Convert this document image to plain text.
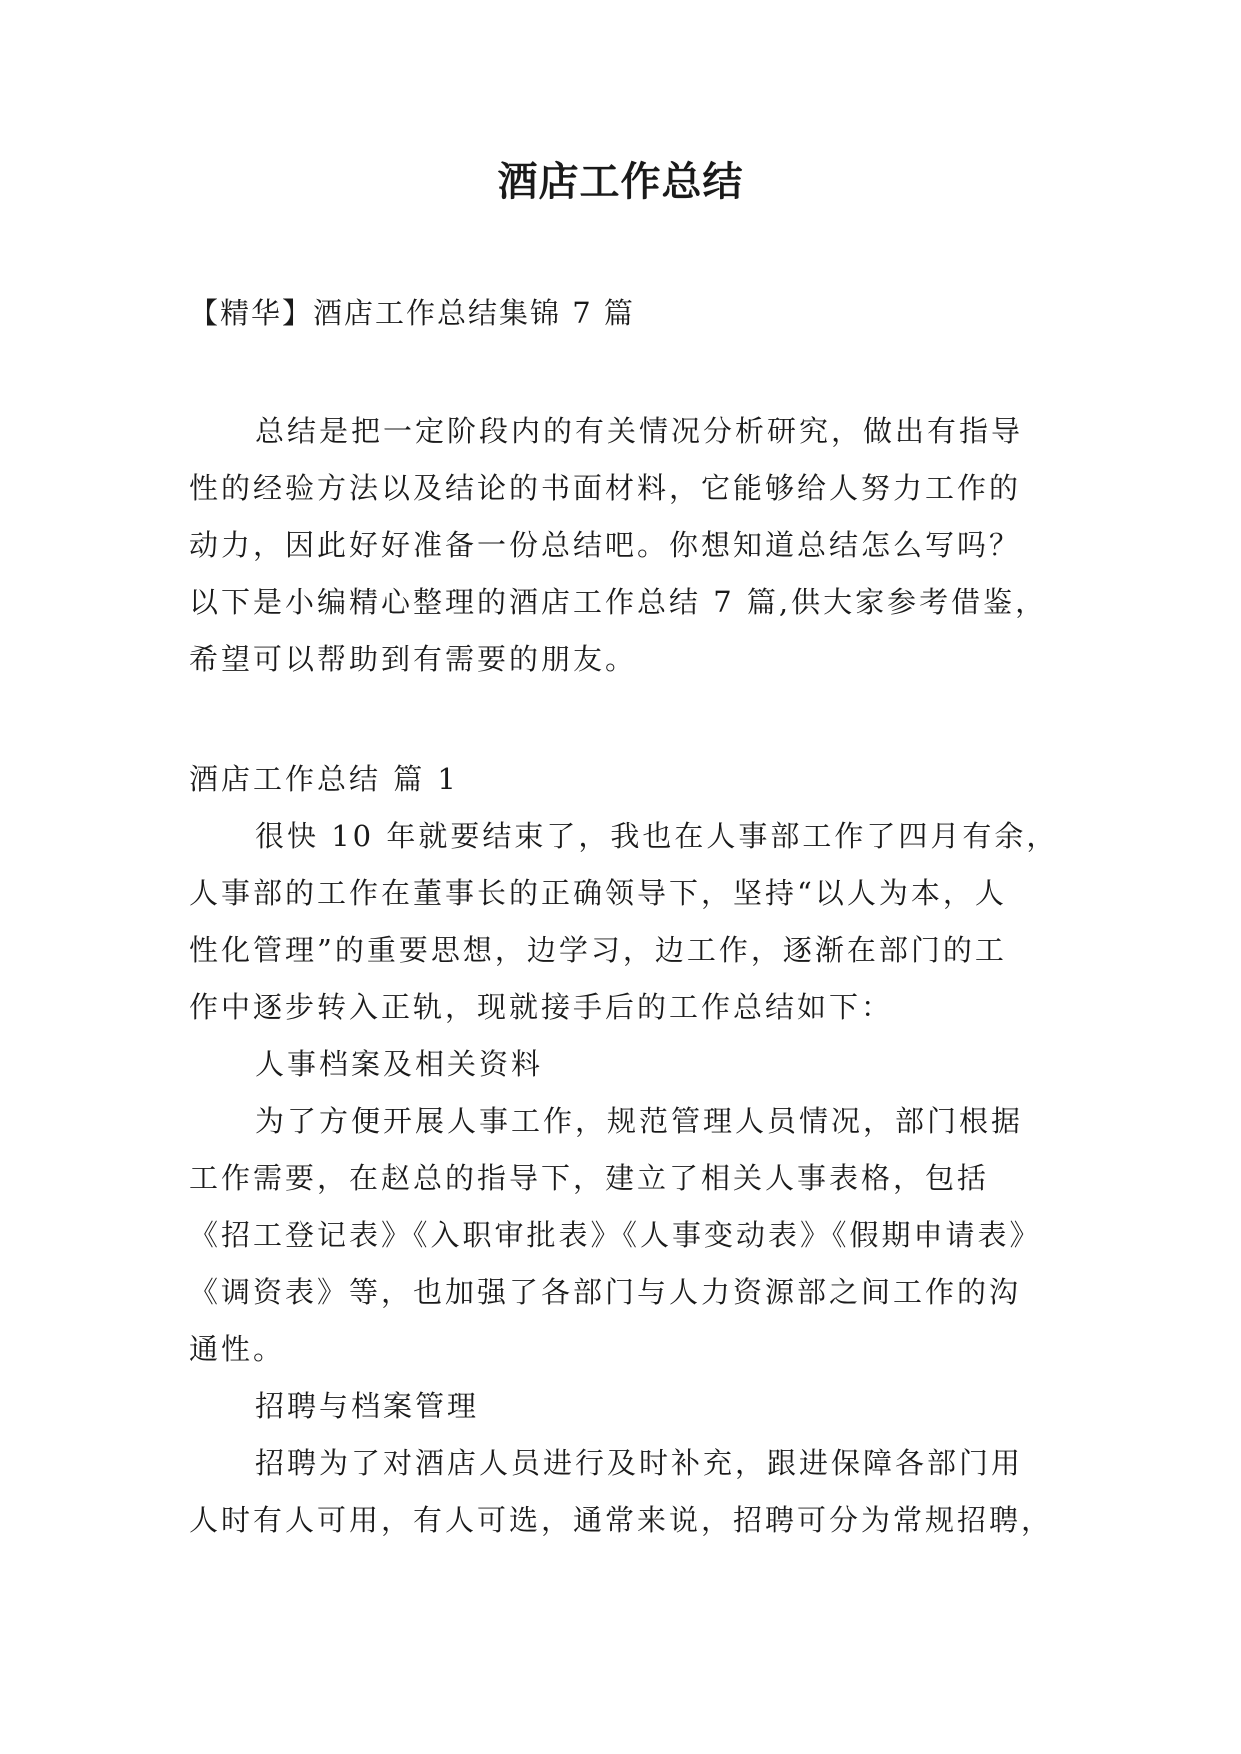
酒店工作总结
【精华】酒店工作总结集锦 7 篇
总结是把一定阶段内的有关情况分析研究，做出有指导
性的经验方法以及结论的书面材料，它能够给人努力工作的
动力，因此好好准备一份总结吧。你想知道总结怎么写吗？
以下是小编精心整理的酒店工作总结 7 篇,供大家参考借鉴，
希望可以帮助到有需要的朋友。
酒店工作总结 篇 1
很快 10 年就要结束了，我也在人事部工作了四月有余，
人事部的工作在董事长的正确领导下，坚持“以人为本，人
性化管理”的重要思想，边学习，边工作，逐渐在部门的工
作中逐步转入正轨，现就接手后的工作总结如下：
人事档案及相关资料
为了方便开展人事工作，规范管理人员情况，部门根据
工作需要，在赵总的指导下，建立了相关人事表格，包括
《招工登记表》《入职审批表》《人事变动表》《假期申请表》
《调资表》等，也加强了各部门与人力资源部之间工作的沟
通性。
招聘与档案管理
招聘为了对酒店人员进行及时补充，跟进保障各部门用
人时有人可用，有人可选，通常来说，招聘可分为常规招聘，
